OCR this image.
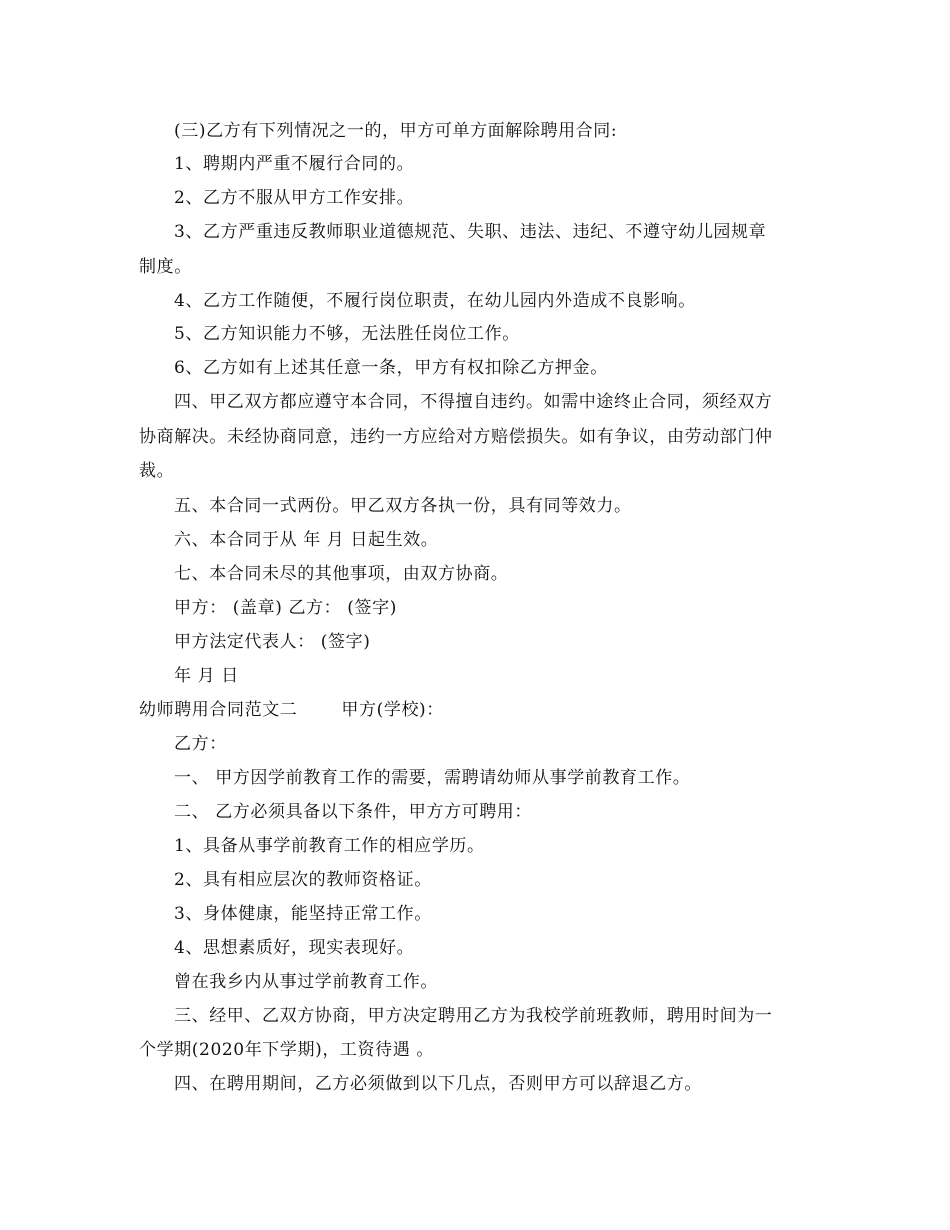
(三)乙方有下列情况之一的，甲方可单方面解除聘用合同:
1、聘期内严重不履行合同的。
2、乙方不服从甲方工作安排。
3、乙方严重违反教师职业道德规范、失职、违法、违纪、不遵守幼儿园规章
制度。
4、乙方工作随便，不履行岗位职责，在幼儿园内外造成不良影响。
5、乙方知识能力不够，无法胜任岗位工作。
6、乙方如有上述其任意一条，甲方有权扣除乙方押金。
四、甲乙双方都应遵守本合同，不得擅自违约。如需中途终止合同，须经双方
协商解决。未经协商同意，违约一方应给对方赔偿损失。如有争议，由劳动部门仲
裁。
五、本合同一式两份。甲乙双方各执一份，具有同等效力。
六、本合同于从 年 月 日起生效。
七、本合同未尽的其他事项，由双方协商。
甲方： (盖章) 乙方： (签字)
甲方法定代表人： (签字)
年 月 日
幼师聘用合同范文二	甲方(学校)：
乙方：
一、 甲方因学前教育工作的需要，需聘请幼师从事学前教育工作。
二、 乙方必须具备以下条件，甲方方可聘用：
1、具备从事学前教育工作的相应学历。
2、具有相应层次的教师资格证。
3、身体健康，能坚持正常工作。
4、思想素质好，现实表现好。
曾在我乡内从事过学前教育工作。
三、经甲、乙双方协商，甲方决定聘用乙方为我校学前班教师，聘用时间为一
个学期(2020年下学期)，工资待遇 。
四、在聘用期间，乙方必须做到以下几点，否则甲方可以辞退乙方。
